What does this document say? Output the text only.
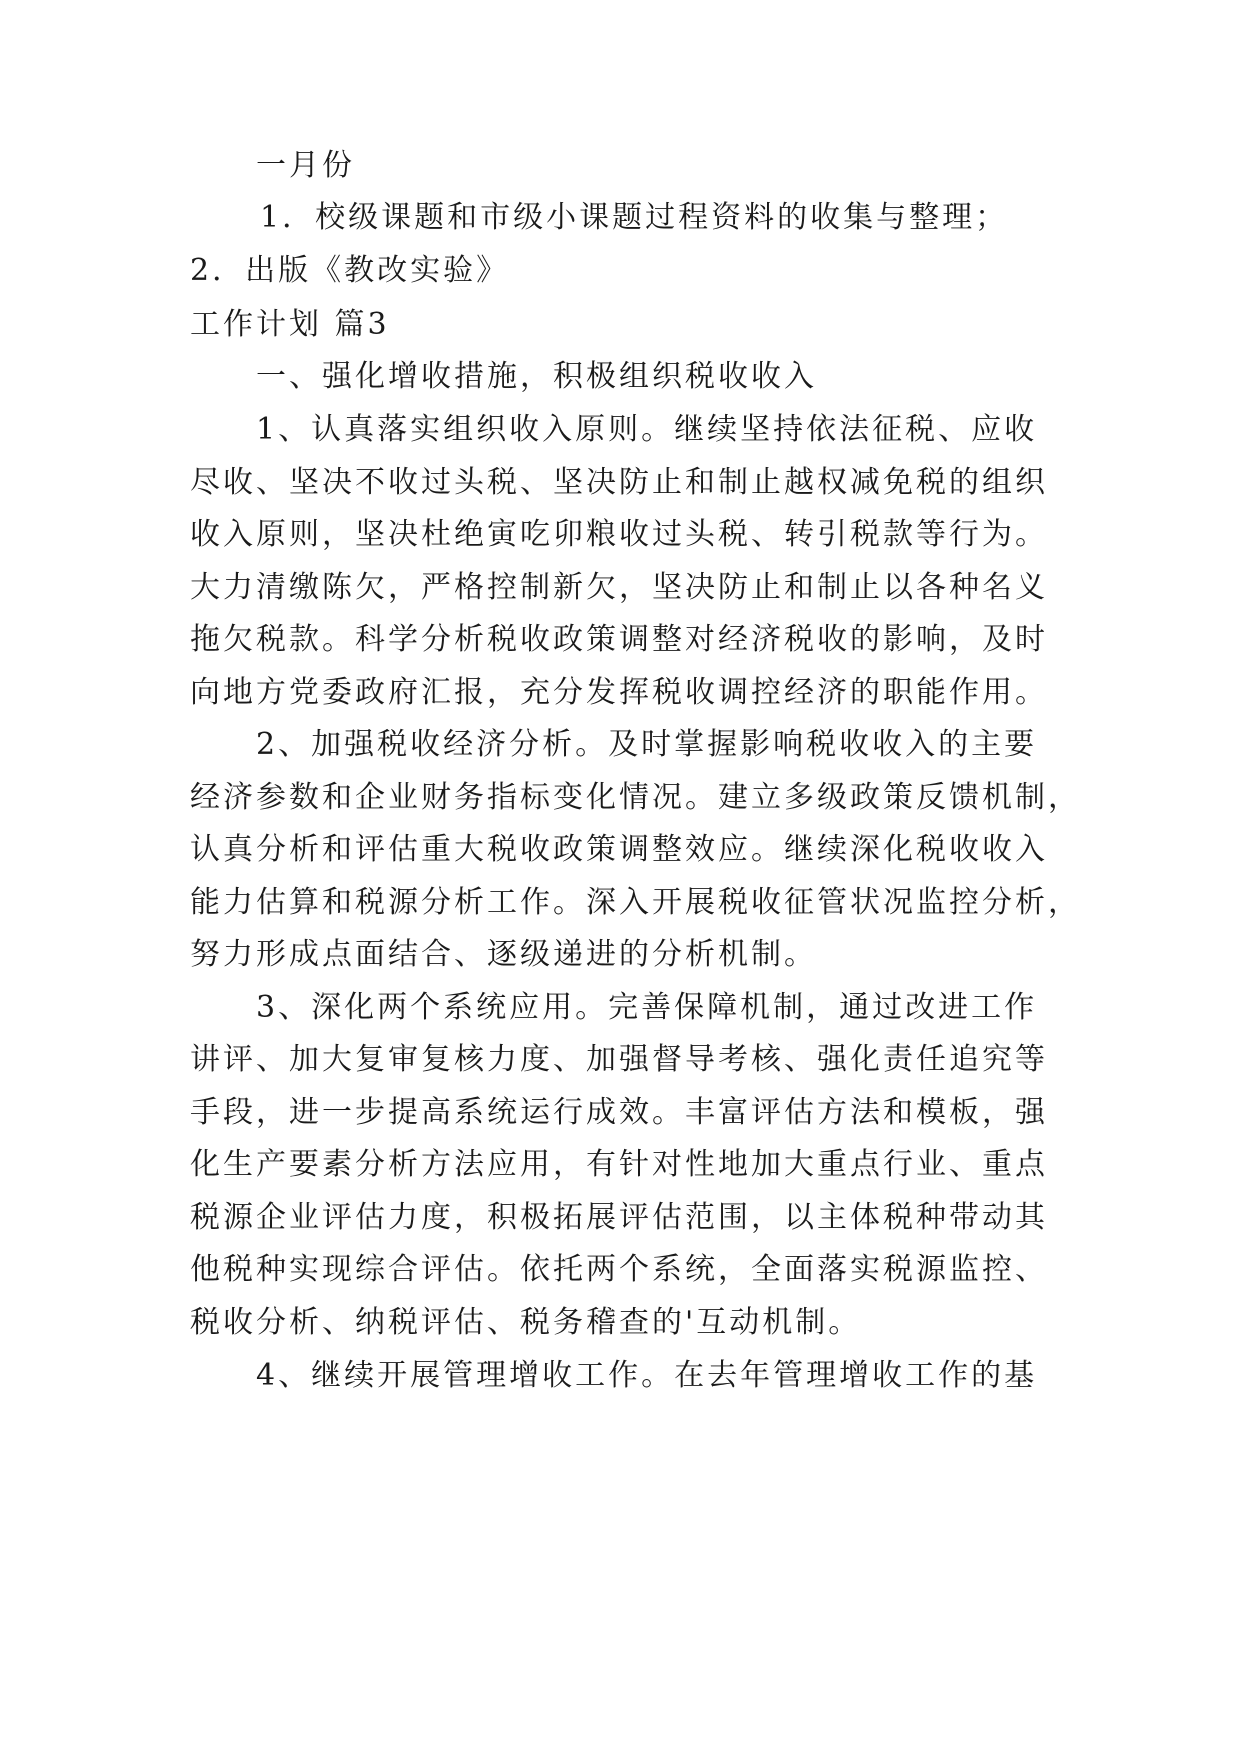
一月份
1．校级课题和市级小课题过程资料的收集与整理；
2．出版《教改实验》
工作计划 篇3
一、强化增收措施，积极组织税收收入
1、认真落实组织收入原则。继续坚持依法征税、应收
尽收、坚决不收过头税、坚决防止和制止越权减免税的组织
收入原则，坚决杜绝寅吃卯粮收过头税、转引税款等行为。
大力清缴陈欠，严格控制新欠，坚决防止和制止以各种名义
拖欠税款。科学分析税收政策调整对经济税收的影响，及时
向地方党委政府汇报，充分发挥税收调控经济的职能作用。
2、加强税收经济分析。及时掌握影响税收收入的主要
经济参数和企业财务指标变化情况。建立多级政策反馈机制，
认真分析和评估重大税收政策调整效应。继续深化税收收入
能力估算和税源分析工作。深入开展税收征管状况监控分析，
努力形成点面结合、逐级递进的分析机制。
3、深化两个系统应用。完善保障机制，通过改进工作
讲评、加大复审复核力度、加强督导考核、强化责任追究等
手段，进一步提高系统运行成效。丰富评估方法和模板，强
化生产要素分析方法应用，有针对性地加大重点行业、重点
税源企业评估力度，积极拓展评估范围，以主体税种带动其
他税种实现综合评估。依托两个系统，全面落实税源监控、
税收分析、纳税评估、税务稽查的'互动机制。
4、继续开展管理增收工作。在去年管理增收工作的基
